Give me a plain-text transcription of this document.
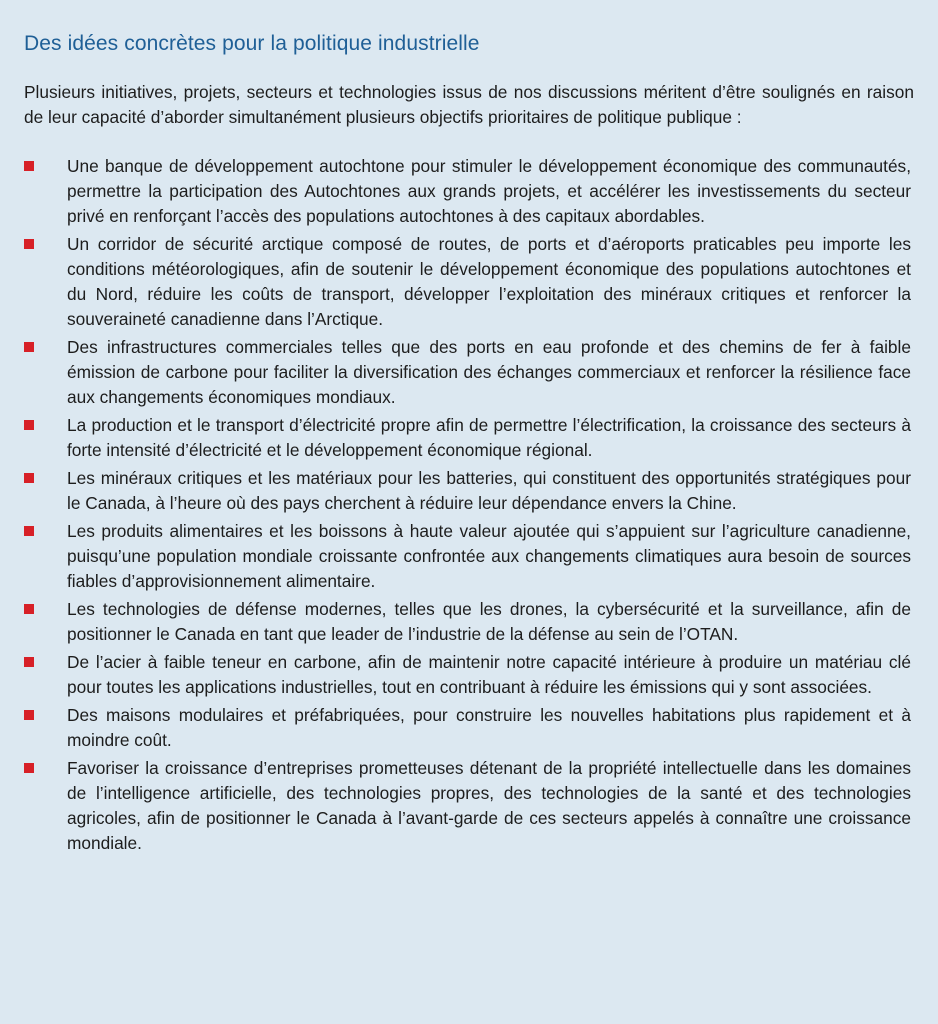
Des idées concrètes pour la politique industrielle

Plusieurs initiatives, projets, secteurs et technologies issus de nos discussions méritent d’être soulignés en raison de leur capacité d’aborder simultanément plusieurs objectifs prioritaires de politique publique :

Une banque de développement autochtone pour stimuler le développement économique des communautés, permettre la participation des Autochtones aux grands projets, et accélérer les investissements du secteur privé en renforçant l’accès des populations autochtones à des capitaux abordables.
Un corridor de sécurité arctique composé de routes, de ports et d’aéroports praticables peu importe les conditions météorologiques, afin de soutenir le développement économique des populations autochtones et du Nord, réduire les coûts de transport, développer l’exploitation des minéraux critiques et renforcer la souveraineté canadienne dans l’Arctique.
Des infrastructures commerciales telles que des ports en eau profonde et des chemins de fer à faible émission de carbone pour faciliter la diversification des échanges commerciaux et renforcer la résilience face aux changements économiques mondiaux.
La production et le transport d’électricité propre afin de permettre l’électrification, la croissance des secteurs à forte intensité d’électricité et le développement économique régional.
Les minéraux critiques et les matériaux pour les batteries, qui constituent des opportunités stratégiques pour le Canada, à l’heure où des pays cherchent à réduire leur dépendance envers la Chine.
Les produits alimentaires et les boissons à haute valeur ajoutée qui s’appuient sur l’agriculture canadienne, puisqu’une population mondiale croissante confrontée aux changements climatiques aura besoin de sources fiables d’approvisionnement alimentaire.
Les technologies de défense modernes, telles que les drones, la cybersécurité et la surveillance, afin de positionner le Canada en tant que leader de l’industrie de la défense au sein de l’OTAN.
De l’acier à faible teneur en carbone, afin de maintenir notre capacité intérieure à produire un matériau clé pour toutes les applications industrielles, tout en contribuant à réduire les émissions qui y sont associées.
Des maisons modulaires et préfabriquées, pour construire les nouvelles habitations plus rapidement et à moindre coût.
Favoriser la croissance d’entreprises prometteuses détenant de la propriété intellectuelle dans les domaines de l’intelligence artificielle, des technologies propres, des technologies de la santé et des technologies agricoles, afin de positionner le Canada à l’avant-garde de ces secteurs appelés à connaître une croissance mondiale.
